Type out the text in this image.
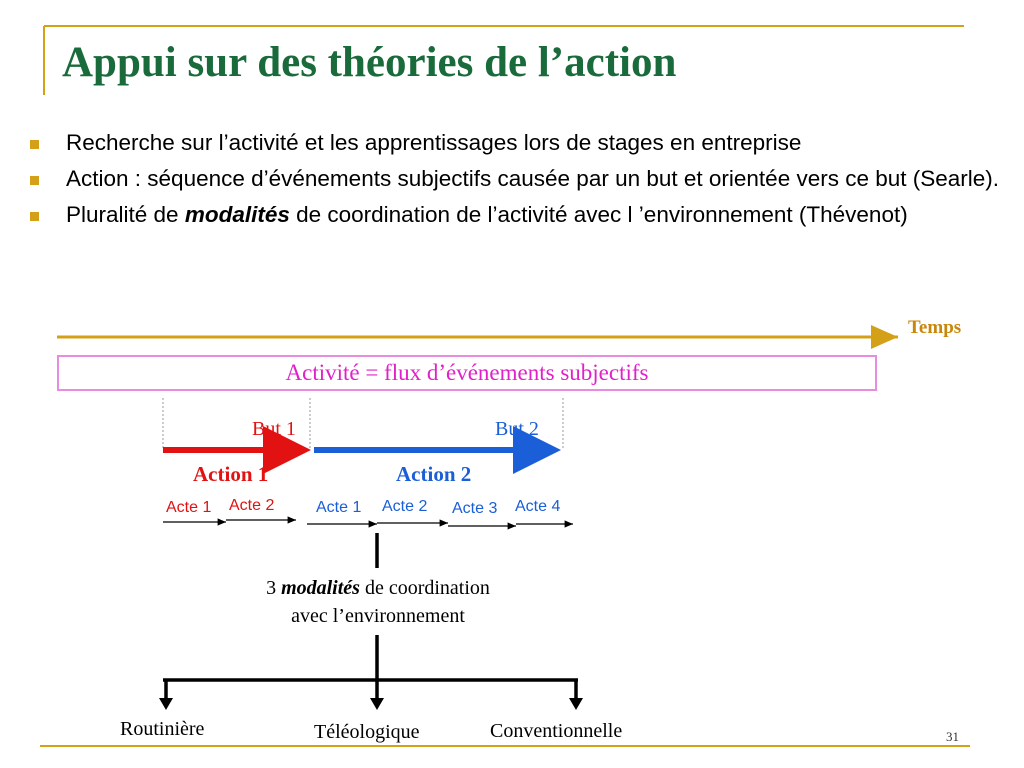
Appui sur des théories de l’action
Recherche sur l’activité et les apprentissages lors de stages en entreprise
Action : séquence d’événements subjectifs causée par un but et orientée vers ce but (Searle).
Pluralité de modalités de coordination de l’activité avec l ’environnement (Thévenot)
Temps
Activité = flux d’événements subjectifs
But 1	But 2
Action 1	Action 2
Acte 1 Acte 2	Acte 1 Acte 2 Acte 3 Acte 4
3 modalités de coordination
avec l’environnement
Routinière	Téléologique	Conventionnelle	31
